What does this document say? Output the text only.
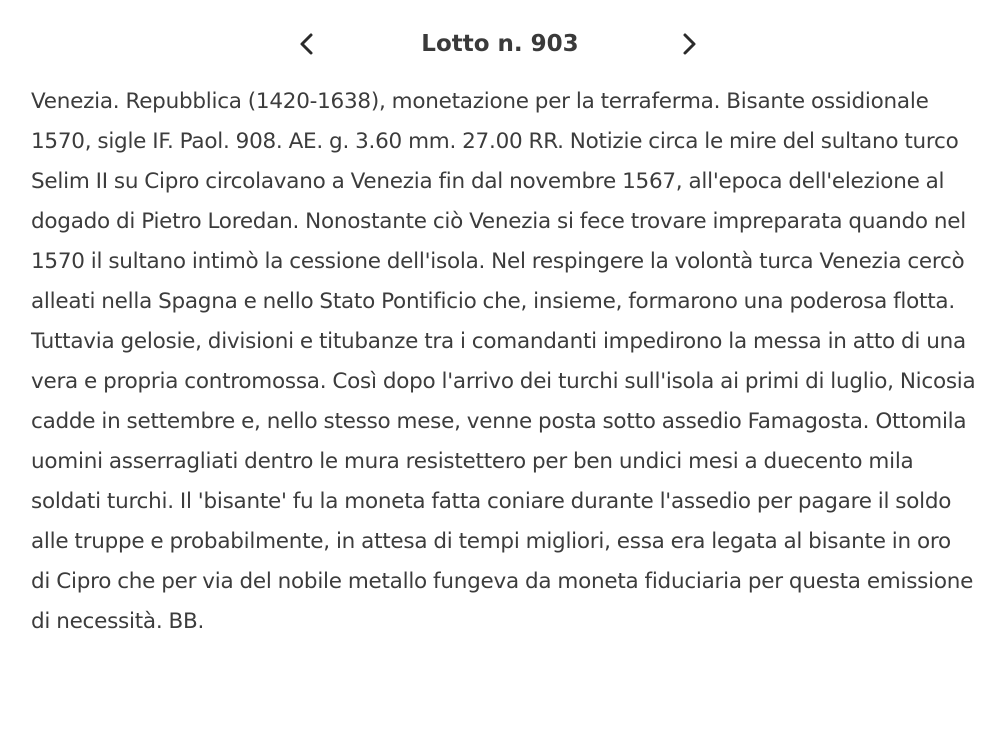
Lotto n. 903

Venezia. Repubblica (1420-1638), monetazione per la terraferma. Bisante ossidionale 1570, sigle IF. Paol. 908. AE. g. 3.60 mm. 27.00 RR. Notizie circa le mire del sultano turco Selim II su Cipro circolavano a Venezia fin dal novembre 1567, all'epoca dell'elezione al dogado di Pietro Loredan. Nonostante ciò Venezia si fece trovare impreparata quando nel 1570 il sultano intimò la cessione dell'isola. Nel respingere la volontà turca Venezia cercò alleati nella Spagna e nello Stato Pontificio che, insieme, formarono una poderosa flotta. Tuttavia gelosie, divisioni e titubanze tra i comandanti impedirono la messa in atto di una vera e propria contromossa. Così dopo l'arrivo dei turchi sull'isola ai primi di luglio, Nicosia cadde in settembre e, nello stesso mese, venne posta sotto assedio Famagosta. Ottomila uomini asserragliati dentro le mura resistettero per ben undici mesi a duecento mila soldati turchi. Il 'bisante' fu la moneta fatta coniare durante l'assedio per pagare il soldo alle truppe e probabilmente, in attesa di tempi migliori, essa era legata al bisante in oro di Cipro che per via del nobile metallo fungeva da moneta fiduciaria per questa emissione di necessità. BB.
